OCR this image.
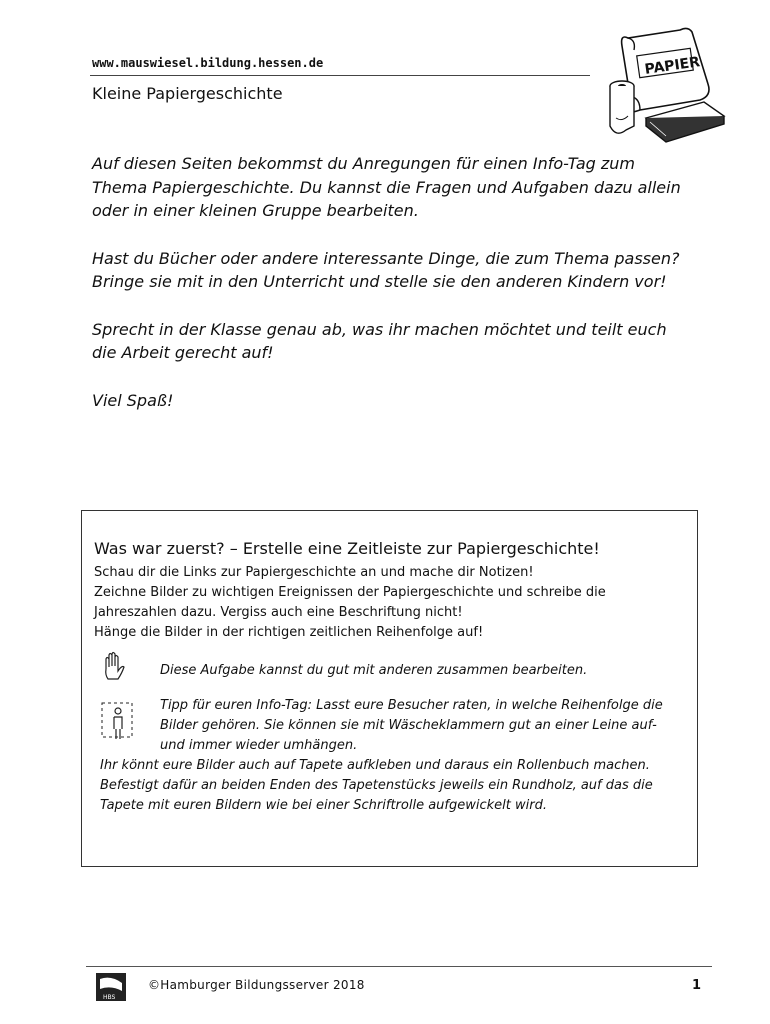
www.mauswiesel.bildung.hessen.de
Kleine Papiergeschichte
PAPIER

Auf diesen Seiten bekommst du Anregungen für einen Info-Tag zum Thema Papiergeschichte. Du kannst die Fragen und Aufgaben dazu allein oder in einer kleinen Gruppe bearbeiten.

Hast du Bücher oder andere interessante Dinge, die zum Thema passen? Bringe sie mit in den Unterricht und stelle sie den anderen Kindern vor!

Sprecht in der Klasse genau ab, was ihr machen möchtet und teilt euch die Arbeit gerecht auf!

Viel Spaß!

Was war zuerst? – Erstelle eine Zeitleiste zur Papiergeschichte!
Schau dir die Links zur Papiergeschichte an und mache dir Notizen!
Zeichne Bilder zu wichtigen Ereignissen der Papiergeschichte und schreibe die Jahreszahlen dazu. Vergiss auch eine Beschriftung nicht!
Hänge die Bilder in der richtigen zeitlichen Reihenfolge auf!
Diese Aufgabe kannst du gut mit anderen zusammen bearbeiten.
Tipp für euren Info-Tag: Lasst eure Besucher raten, in welche Reihenfolge die Bilder gehören. Sie können sie mit Wäscheklammern gut an einer Leine auf- und immer wieder umhängen.
Ihr könnt eure Bilder auch auf Tapete aufkleben und daraus ein Rollenbuch machen. Befestigt dafür an beiden Enden des Tapetenstücks jeweils ein Rundholz, auf das die Tapete mit euren Bildern wie bei einer Schriftrolle aufgewickelt wird.
HBS
©Hamburger Bildungsserver 2018	1
